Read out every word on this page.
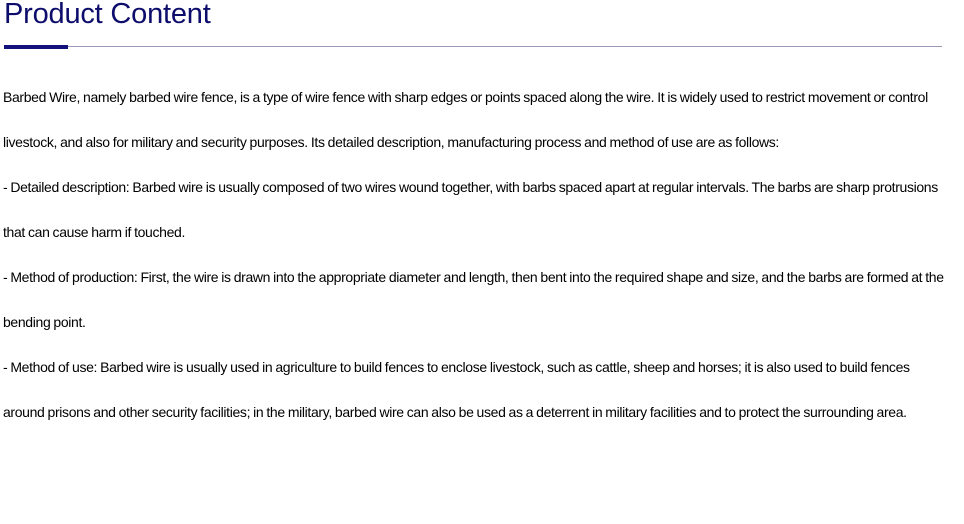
Product Content

Barbed Wire, namely barbed wire fence, is a type of wire fence with sharp edges or points spaced along the wire. It is widely used to restrict movement or control livestock, and also for military and security purposes. Its detailed description, manufacturing process and method of use are as follows:

- Detailed description: Barbed wire is usually composed of two wires wound together, with barbs spaced apart at regular intervals. The barbs are sharp protrusions that can cause harm if touched.

- Method of production: First, the wire is drawn into the appropriate diameter and length, then bent into the required shape and size, and the barbs are formed at the bending point.

- Method of use: Barbed wire is usually used in agriculture to build fences to enclose livestock, such as cattle, sheep and horses; it is also used to build fences around prisons and other security facilities; in the military, barbed wire can also be used as a deterrent in military facilities and to protect the surrounding area.
